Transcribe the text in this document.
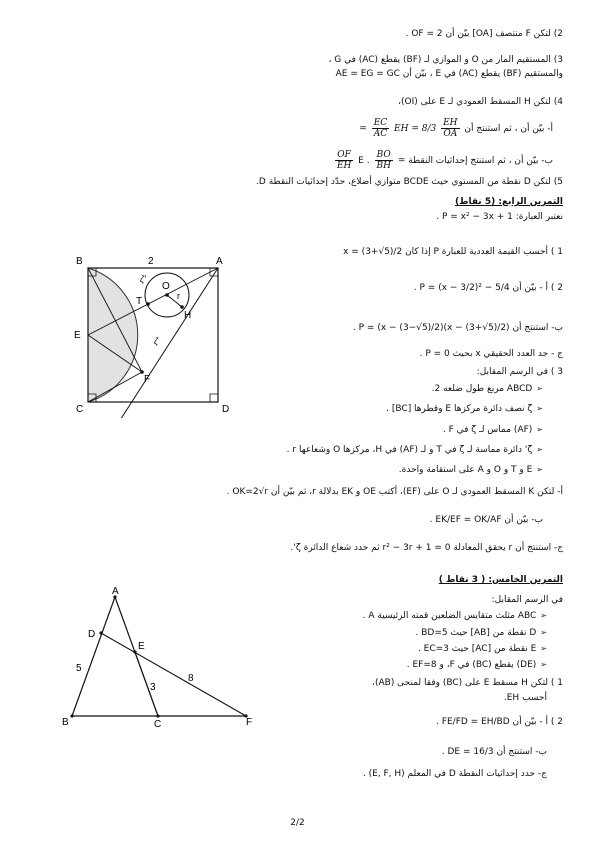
2) لتكن F منتصف [OA] بيّن أن OF = 2 .
3) المستقيم المار من O و الموازي لـ (BF) يقطع (AC) في G ،
والمستقيم (BF) يقطع (AC) في E ، بيّن أن AE = EG = GC
4) لتكن H المسقط العمودي لـ E على (OI)،
أ- بيّن أن ، ثم استنتج أن
$\frac{EH}{OA}$
= $\frac{EC}{AC}$ EH = 8/3
ب- بيّن أن ، ثم استنتج إحداثيات النقطة E .
$\frac{BO}{BH}$ =
$\frac{OF}{EH}$
5) لتكن D نقطة من المستوي حيث BCDE متوازي أضلاع، حدّد إحداثيات النقطة D.
التمرين الرابع: (5 نقاط)
نعتبر العبارة: P = x² − 3x + 1 .
1 ) أحسب القيمة العددية للعبارة P إذا كان x = (3+√5)/2
2 ) أ - بيّن أن P = (x − 3/2)² − 5/4 .
ب- استنتج أن P = (x − (3−√5)/2)(x − (3+√5)/2) .
ج - جد العدد الحقيقي x بحيث P = 0 .
3 ) في الرسم المقابل:
➢ABCD مربع طول ضلعه 2.
➢ζ نصف دائرة مركزها E وقطرها [BC] .
➢(AF) مماس لـ ζ في F .
➢ζ' دائرة مماسة لـ ζ في T و لـ (AF) في H، مركزها O وشعاعها r .
➢E و T و O و A على استقامة واحدة.
أ- لتكن K المسقط العمودي لـ O على (EF)، أكتب OE و EK بدلالة r، ثم بيّن أن OK=2√r .
ب- بيّن أن EK/EF = OK/AF .
ج- استنتج أن r يحقق المعادلة r² − 3r + 1 = 0 ثم حدد شعاع الدائرة ζ'.
التمرين الخامس: ( 3 نقاط )
في الرسم المقابل:
➢ABC مثلث متقايس الضلعين قمته الرئيسية A .
➢D نقطة من [AB] حيث BD=5 .
➢E نقطة من [AC] حيث EC=3 .
➢(DE) يقطع (BC) في F، و EF=8 .
1 ) لتكن H مسقط E على (BC) وفقا لمنحى (AB)،
أحسب EH.
2 ) أ - بيّن أن FE/FD = EH/BD .
ب- استنتج أن DE = 16/3 .
ج- حدد إحداثيات النقطة D في المعلم (E, F, H) .
B	A
C	D
E
F
O
T
H
r
2
ζ'
ζ
A
D
E
B	C	F
5
3
8
2/2
